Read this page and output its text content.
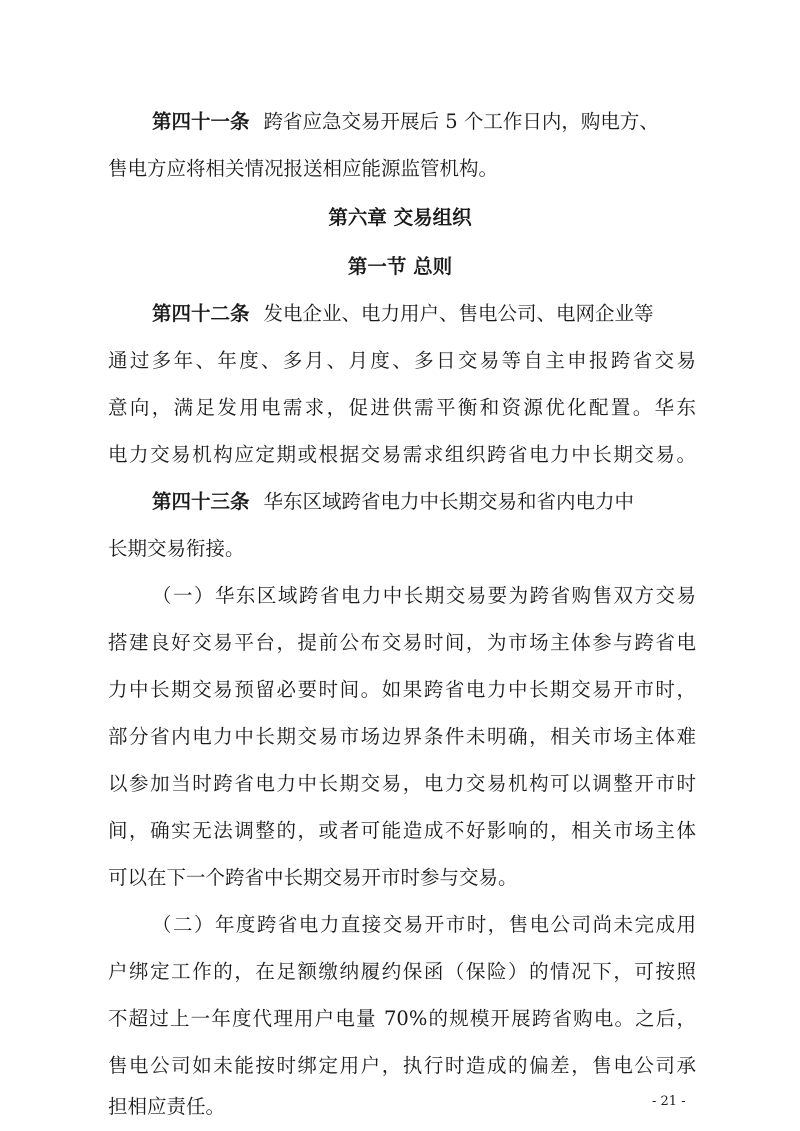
第四十一条 跨省应急交易开展后 5 个工作日内，购电方、
售电方应将相关情况报送相应能源监管机构。
第六章 交易组织
第一节 总则
第四十二条 发电企业、电力用户、售电公司、电网企业等
通过多年、年度、多月、月度、多日交易等自主申报跨省交易
意向，满足发用电需求，促进供需平衡和资源优化配置。华东
电力交易机构应定期或根据交易需求组织跨省电力中长期交易。
第四十三条 华东区域跨省电力中长期交易和省内电力中
长期交易衔接。
（一）华东区域跨省电力中长期交易要为跨省购售双方交易
搭建良好交易平台，提前公布交易时间，为市场主体参与跨省电
力中长期交易预留必要时间。如果跨省电力中长期交易开市时，
部分省内电力中长期交易市场边界条件未明确，相关市场主体难
以参加当时跨省电力中长期交易，电力交易机构可以调整开市时
间，确实无法调整的，或者可能造成不好影响的，相关市场主体
可以在下一个跨省中长期交易开市时参与交易。
（二）年度跨省电力直接交易开市时，售电公司尚未完成用
户绑定工作的，在足额缴纳履约保函（保险）的情况下，可按照
不超过上一年度代理用户电量 70%的规模开展跨省购电。之后，
售电公司如未能按时绑定用户，执行时造成的偏差，售电公司承
- 21 -
担相应责任。
